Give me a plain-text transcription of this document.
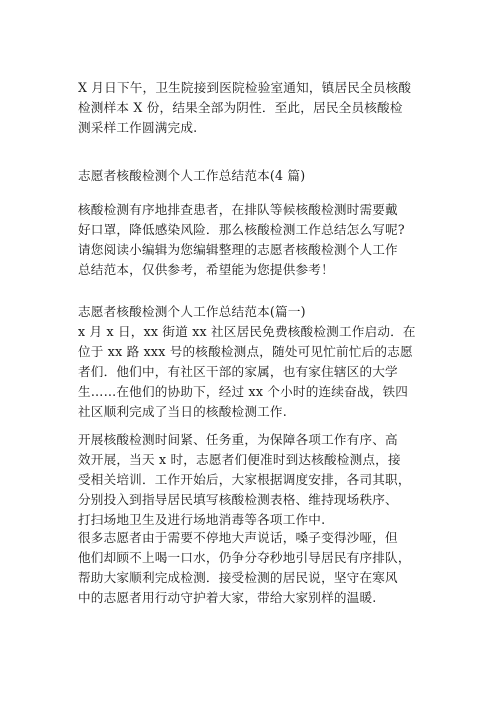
X 月日下午，卫生院接到医院检验室通知，镇居民全员核酸
检测样本 X 份，结果全部为阴性．至此，居民全员核酸检
测采样工作圆满完成.
志愿者核酸检测个人工作总结范本(4 篇)
核酸检测有序地排查患者，在排队等候核酸检测时需要戴
好口罩，降低感染风险．那么核酸检测工作总结怎么写呢?
请您阅读小编辑为您编辑整理的志愿者核酸检测个人工作
总结范本，仅供参考，希望能为您提供参考！
志愿者核酸检测个人工作总结范本(篇一)
x 月 x 日，xx 街道 xx 社区居民免费核酸检测工作启动．在
位于 xx 路 xxx 号的核酸检测点，随处可见忙前忙后的志愿
者们．他们中，有社区干部的家属，也有家住辖区的大学
生……在他们的协助下，经过 xx 个小时的连续奋战，铁四
社区顺利完成了当日的核酸检测工作.
开展核酸检测时间紧、任务重，为保障各项工作有序、高
效开展，当天 x 时，志愿者们便准时到达核酸检测点，接
受相关培训．工作开始后，大家根据调度安排，各司其职，
分别投入到指导居民填写核酸检测表格、维持现场秩序、
打扫场地卫生及进行场地消毒等各项工作中.
很多志愿者由于需要不停地大声说话，嗓子变得沙哑，但
他们却顾不上喝一口水，仍争分夺秒地引导居民有序排队，
帮助大家顺利完成检测．接受检测的居民说，坚守在寒风
中的志愿者用行动守护着大家，带给大家别样的温暖.
